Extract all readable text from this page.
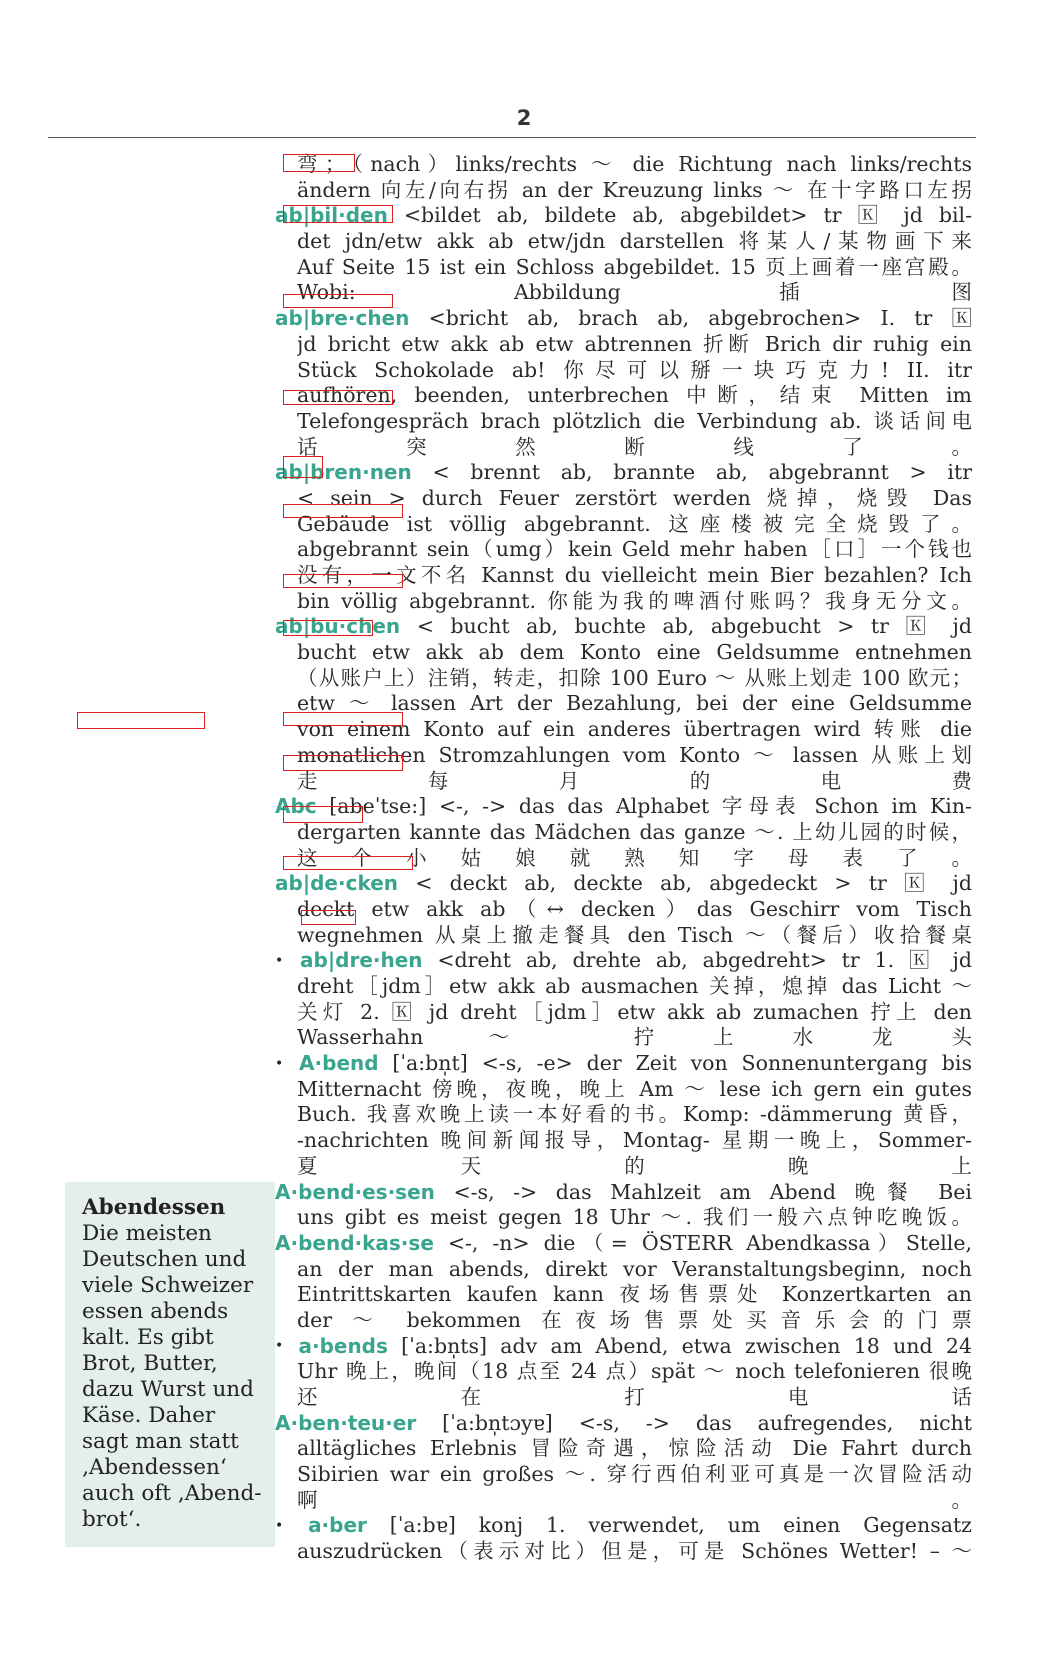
2
弯；（nach）links/rechts ～ die Richtung nach links/rechts
ändern 向左/向右拐 an der Kreuzung links ～ 在十字路口左拐
ab|bil·den <bildet ab, bildete ab, abgebildet> tr 🄺 jd bil-
det jdn/etw akk ab etw/jdn darstellen 将某人/某物画下来
Auf Seite 15 ist ein Schloss abgebildet. 15 页上画着一座宫殿。
Wobi: Abbildung 插图
ab|bre·chen <bricht ab, brach ab, abgebrochen> I. tr 🄺
jd bricht etw akk ab etw abtrennen 折断 Brich dir ruhig ein
Stück Schokolade ab! 你尽可以掰一块巧克力! II. itr
aufhören, beenden, unterbrechen 中断，结束 Mitten im
Telefongespräch brach plötzlich die Verbindung ab. 谈话间电
话突然断线了。
ab|bren·nen < brennt ab, brannte ab, abgebrannt > itr
< sein > durch Feuer zerstört werden 烧掉，烧毁 Das
Gebäude ist völlig abgebrannt. 这座楼被完全烧毁了。
abgebrannt sein（umg）kein Geld mehr haben［口］一个钱也
没有，一文不名 Kannst du vielleicht mein Bier bezahlen? Ich
bin völlig abgebrannt. 你能为我的啤酒付账吗？我身无分文。
ab|bu·chen < bucht ab, buchte ab, abgebucht > tr 🄺 jd
bucht etw akk ab dem Konto eine Geldsumme entnehmen
（从账户上）注销，转走，扣除 100 Euro ～ 从账上划走 100 欧元；
etw ～ lassen Art der Bezahlung, bei der eine Geldsumme
von einem Konto auf ein anderes übertragen wird 转账 die
monatlichen Stromzahlungen vom Konto ～ lassen 从账上划
走每月的电费
Abc [abeˈtse:] <-, -> das das Alphabet 字母表 Schon im Kin-
dergarten kannte das Mädchen das ganze ～. 上幼儿园的时候，
这个小姑娘就熟知字母表了。
ab|de·cken < deckt ab, deckte ab, abgedeckt > tr 🄺 jd
deckt etw akk ab（↔ decken）das Geschirr vom Tisch
wegnehmen 从桌上撤走餐具 den Tisch ～（餐后）收拾餐桌
• ab|dre·hen <dreht ab, drehte ab, abgedreht> tr 1. 🄺 jd
dreht［jdm］etw akk ab ausmachen 关掉，熄掉 das Licht ～
关灯 2. 🄺 jd dreht［jdm］etw akk ab zumachen 拧上 den
Wasserhahn ～ 拧上水龙头
• A·bend [ˈa:bn̩t] <-s, -e> der Zeit von Sonnenuntergang bis
Mitternacht 傍晚，夜晚，晚上 Am ～ lese ich gern ein gutes
Buch. 我喜欢晚上读一本好看的书。Komp: -dämmerung 黄昏，
-nachrichten 晚间新闻报导，Montag- 星期一晚上，Sommer-
夏天的晚上
A·bend·es·sen <-s, -> das Mahlzeit am Abend 晚餐 Bei
uns gibt es meist gegen 18 Uhr ～. 我们一般六点钟吃晚饭。
A·bend·kas·se <-, -n> die（= ÖSTERR Abendkassa）Stelle,
an der man abends, direkt vor Veranstaltungsbeginn, noch
Eintrittskarten kaufen kann 夜场售票处 Konzertkarten an
der ～ bekommen 在夜场售票处买音乐会的门票
• a·bends [ˈa:bn̩ts] adv am Abend, etwa zwischen 18 und 24
Uhr 晚上，晚间（18 点至 24 点）spät ～ noch telefonieren 很晚
还在打电话
A·ben·teu·er [ˈa:bn̩tɔyɐ] <-s, -> das aufregendes, nicht
alltägliches Erlebnis 冒险奇遇，惊险活动 Die Fahrt durch
Sibirien war ein großes ～. 穿行西伯利亚可真是一次冒险活动
啊。
• a·ber [ˈa:bɐ] konj 1. verwendet, um einen Gegensatz
auszudrücken（表示对比）但是，可是 Schönes Wetter! – ～
Abendessen
Die meisten
Deutschen und
viele Schweizer
essen abends
kalt. Es gibt
Brot, Butter,
dazu Wurst und
Käse. Daher
sagt man statt
‚Abendessen‘
auch oft ‚Abend-
brot‘.
